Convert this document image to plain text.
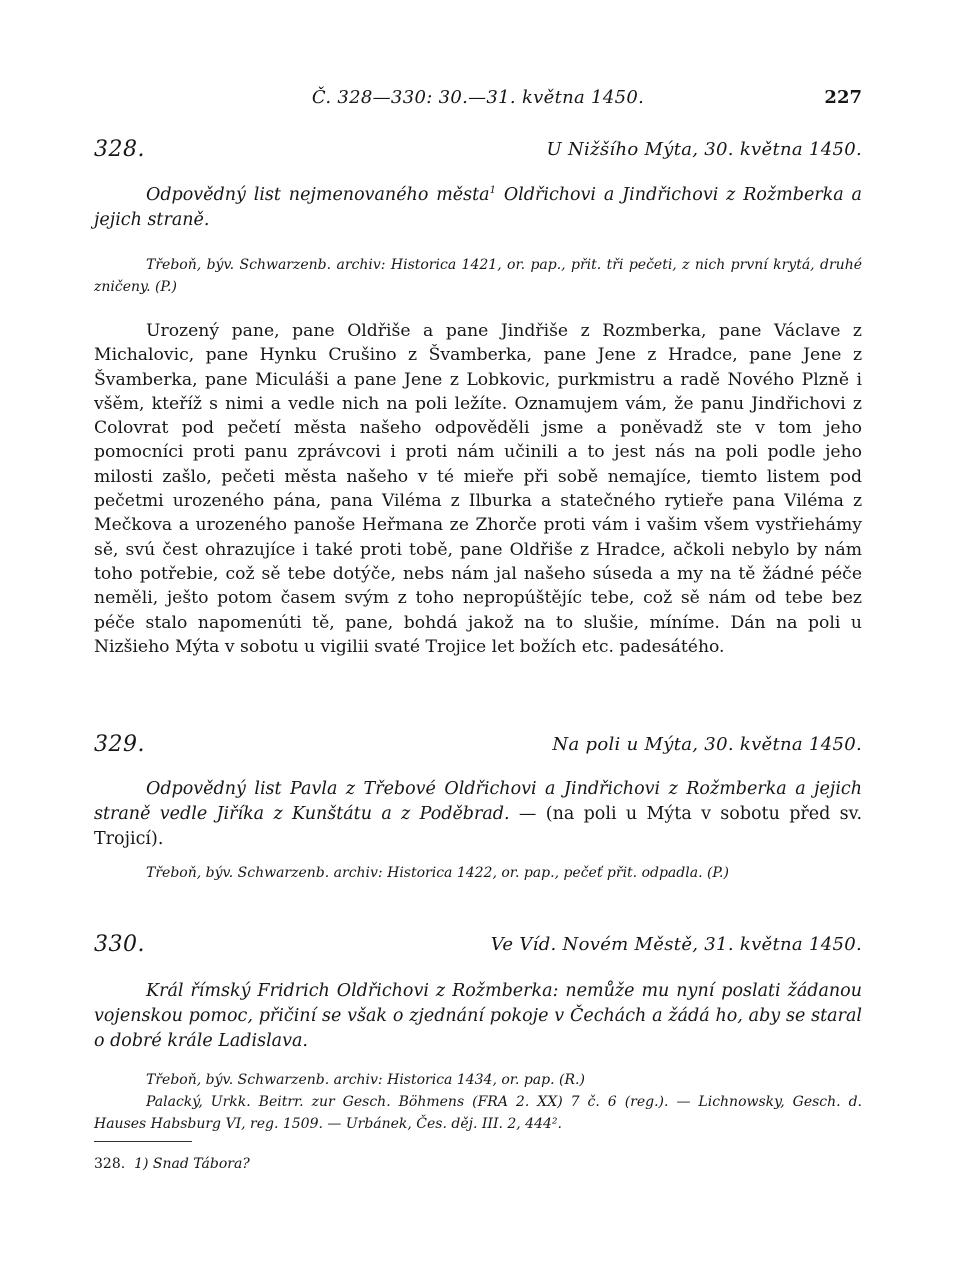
Č. 328—330: 30.—31. května 1450.	227
328.	U Nižšího Mýta, 30. května 1450.

Odpovědný list nejmenovaného města$^1$ Oldřichovi a Jindřichovi z Rožmberka a jejich straně.

Třeboň, býv. Schwarzenb. archiv: Historica 1421, or. pap., přit. tři pečeti, z nich první krytá, druhé zničeny. (P.)

Urozený pane, pane Oldřiše a pane Jindřiše z Rozmberka, pane Václave z Michalovic, pane Hynku Crušino z Švamberka, pane Jene z Hradce, pane Jene z Švamberka, pane Miculáši a pane Jene z Lobkovic, purkmistru a radě Nového Plzně i všěm, kteříž s nimi a vedle nich na poli ležíte. Oznamujem vám, že panu Jindřichovi z Colovrat pod pečetí města našeho odpověděli jsme a poněvadž ste v tom jeho pomocníci proti panu zprávcovi i proti nám učinili a to jest nás na poli podle jeho milosti zašlo, pečeti města našeho v té mieře při sobě nemajíce, tiemto listem pod pečetmi urozeného pána, pana Viléma z Ilburka a statečného rytieře pana Viléma z Mečkova a urozeného panoše Heřmana ze Zhorče proti vám i vašim všem vystřiehámy sě, svú čest ohrazujíce i také proti tobě, pane Oldřiše z Hradce, ačkoli nebylo by nám toho potřebie, což sě tebe dotýče, nebs nám jal našeho súseda a my na tě žádné péče neměli, ješto potom časem svým z toho nepropúštějíc tebe, což sě nám od tebe bez péče stalo napomenúti tě, pane, bohdá jakož na to slušie, míníme. Dán na poli u Nizšieho Mýta v sobotu u vigilii svaté Trojice let božích etc. padesátého.

329.	Na poli u Mýta, 30. května 1450.

Odpovědný list Pavla z Třebové Oldřichovi a Jindřichovi z Rožmberka a jejich straně vedle Jiříka z Kunštátu a z Poděbrad. — (na poli u Mýta v sobotu před sv. Trojicí).

Třeboň, býv. Schwarzenb. archiv: Historica 1422, or. pap., pečeť přit. odpadla. (P.)

330.	Ve Víd. Novém Městě, 31. května 1450.

Král římský Fridrich Oldřichovi z Rožmberka: nemůže mu nyní poslati žádanou vojenskou pomoc, přičiní se však o zjednání pokoje v Čechách a žádá ho, aby se staral o dobré krále Ladislava.

Třeboň, býv. Schwarzenb. archiv: Historica 1434, or. pap. (R.)

Palacký, Urkk. Beitrr. zur Gesch. Böhmens (FRA 2. XX) 7 č. 6 (reg.). — Lichnowsky, Gesch. d. Hauses Habsburg VI, reg. 1509. — Urbánek, Čes. děj. III. 2, 444².

328. 1) Snad Tábora?
